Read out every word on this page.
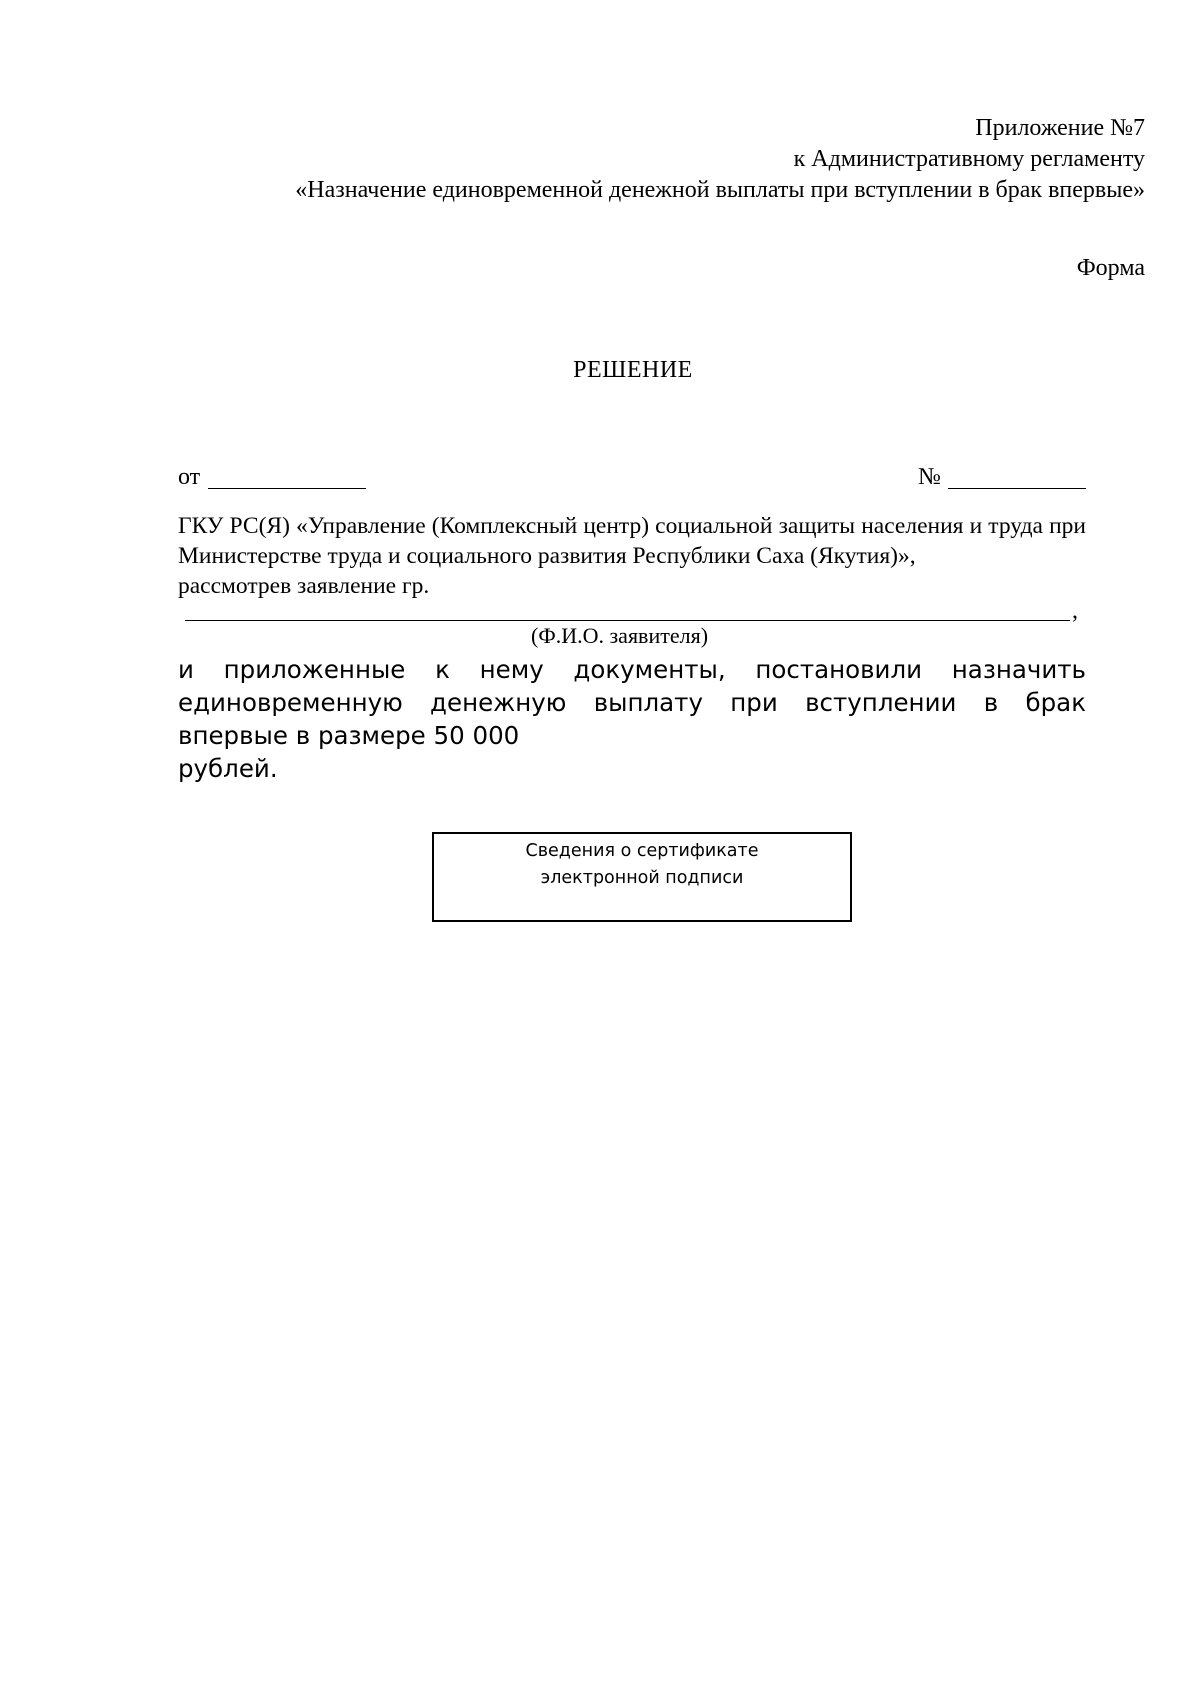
Приложение №7
к Административному регламенту
«Назначение единовременной денежной выплаты при вступлении в брак впервые»
Форма
РЕШЕНИЕ
от	№
ГКУ РС(Я) «Управление (Комплексный центр) социальной защиты населения и труда при Министерстве труда и социального развития Республики Саха (Якутия)»,
рассмотрев заявление гр.
,
(Ф.И.О. заявителя)
и приложенные к нему документы, постановили назначить единовременную денежную выплату при вступлении в брак впервые в размере 50 000
рублей.
Сведения о сертификате
электронной подписи
